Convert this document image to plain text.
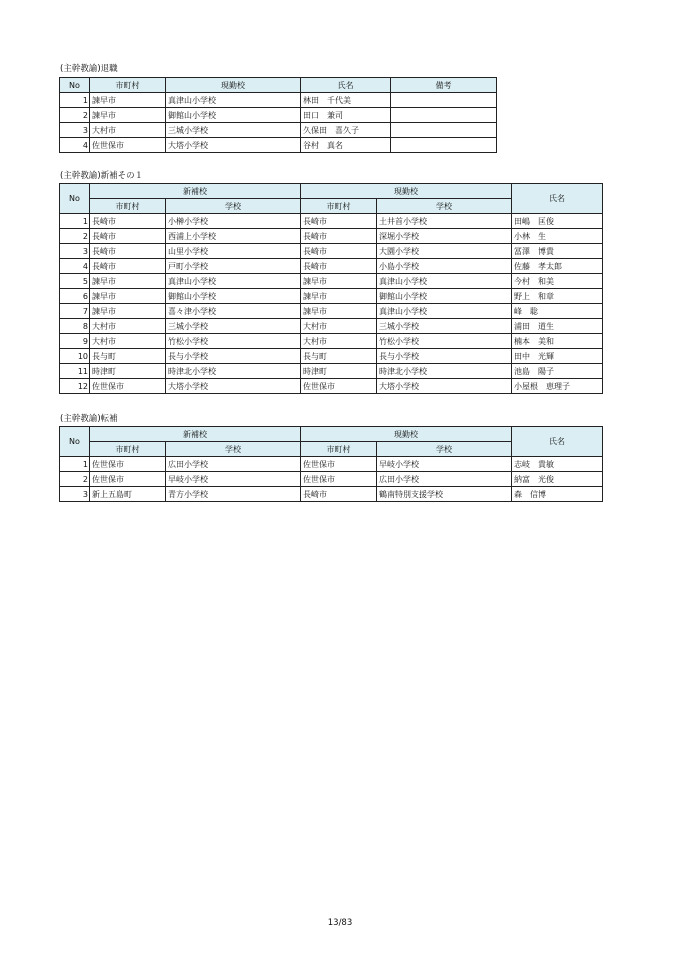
(主幹教諭)退職
No	市町村	現勤校	氏名	備考
1	諫早市	真津山小学校	林田　千代美	
2	諫早市	御館山小学校	田口　兼司	
3	大村市	三城小学校	久保田　喜久子	
4	佐世保市	大塔小学校	谷村　真名	
(主幹教諭)新補その１
No	新補校		現勤校		氏名
	市町村	学校	市町村	学校	
1	長崎市	小榊小学校	長崎市	土井首小学校	田嶋　匡俊
2	長崎市	西浦上小学校	長崎市	深堀小学校	小林　生
3	長崎市	山里小学校	長崎市	大園小学校	冨澤　博貴
4	長崎市	戸町小学校	長崎市	小島小学校	佐藤　孝太郎
5	諫早市	真津山小学校	諫早市	真津山小学校	今村　和美
6	諫早市	御館山小学校	諫早市	御館山小学校	野上　和章
7	諫早市	喜々津小学校	諫早市	真津山小学校	峰　聡
8	大村市	三城小学校	大村市	三城小学校	浦田　道生
9	大村市	竹松小学校	大村市	竹松小学校	楠本　美和
10	長与町	長与小学校	長与町	長与小学校	田中　光輝
11	時津町	時津北小学校	時津町	時津北小学校	池島　陽子
12	佐世保市	大塔小学校	佐世保市	大塔小学校	小屋根　恵理子
(主幹教諭)転補
No	新補校		現勤校		氏名
	市町村	学校	市町村	学校	
1	佐世保市	広田小学校	佐世保市	早岐小学校	志岐　貴敏
2	佐世保市	早岐小学校	佐世保市	広田小学校	納富　光俊
3	新上五島町	青方小学校	長崎市	鶴南特別支援学校	森　信博
13/83
